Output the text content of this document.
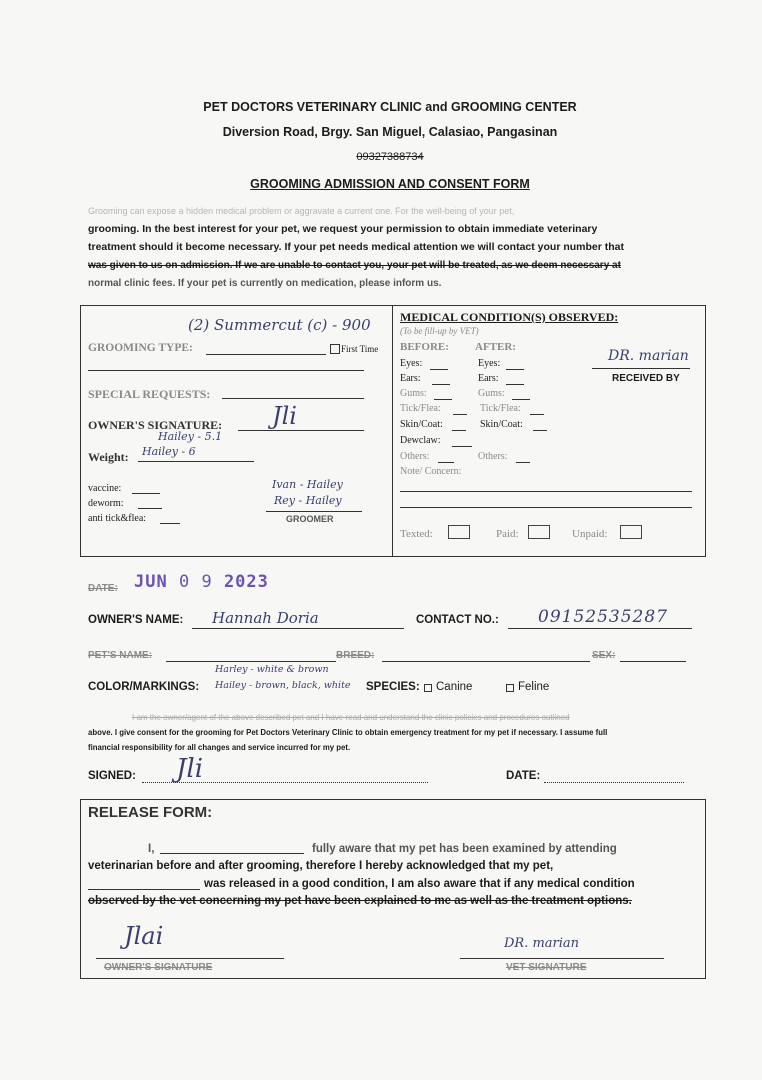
PET DOCTORS VETERINARY CLINIC and GROOMING CENTER
Diversion Road, Brgy. San Miguel, Calasiao, Pangasinan
09327388734
GROOMING ADMISSION AND CONSENT FORM
Grooming can expose a hidden medical problem or aggravate a current one. For the well-being of your pet,
grooming. In the best interest for your pet, we request your permission to obtain immediate veterinary
treatment should it become necessary. If your pet needs medical attention we will contact your number that
was given to us on admission. If we are unable to contact you, your pet will be treated, as we deem necessary at
normal clinic fees. If your pet is currently on medication, please inform us.
(2) Summercut (c) - 900
GROOMING TYPE:	First Time
SPECIAL REQUESTS:
OWNER'S SIGNATURE: Jli
Hailey - 5.1
Weight: Hailey - 6
vaccine:
deworm:
anti tick&flea:
Ivan - Hailey
Rey - Hailey
GROOMER
MEDICAL CONDITION(S) OBSERVED:
(To be fill-up by VET)
BEFORE: AFTER:
Eyes:	Eyes:
Ears:	Ears:
Gums:	Gums:
Tick/Flea:	Tick/Flea:
Skin/Coat:	Skin/Coat:
Dewclaw:
Others:	Others:
Note/ Concern:
DR. marian
RECEIVED BY
Texted:	Paid:	Unpaid:
DATE: JUN 0 9 2023
OWNER'S NAME: Hannah Doria	CONTACT NO.: 09152535287
PET'S NAME:	BREED:	SEX:
COLOR/MARKINGS:
Harley - white & brown
Hailey - brown, black, white SPECIES: Canine	Feline
I am the owner/agent of the above described pet and I have read and understand the clinic policies and procedures outlined
above. I give consent for the grooming for Pet Doctors Veterinary Clinic to obtain emergency treatment for my pet if necessary. I assume full
financial responsibility for all changes and service incurred for my pet.
SIGNED: Jli	DATE:
RELEASE FORM:
I,	fully aware that my pet has been examined by attending
veterinarian before and after grooming, therefore I hereby acknowledged that my pet,
was released in a good condition, I am also aware that if any medical condition
observed by the vet concerning my pet have been explained to me as well as the treatment options.
Jlai
OWNER'S SIGNATURE
DR. marian
VET SIGNATURE
